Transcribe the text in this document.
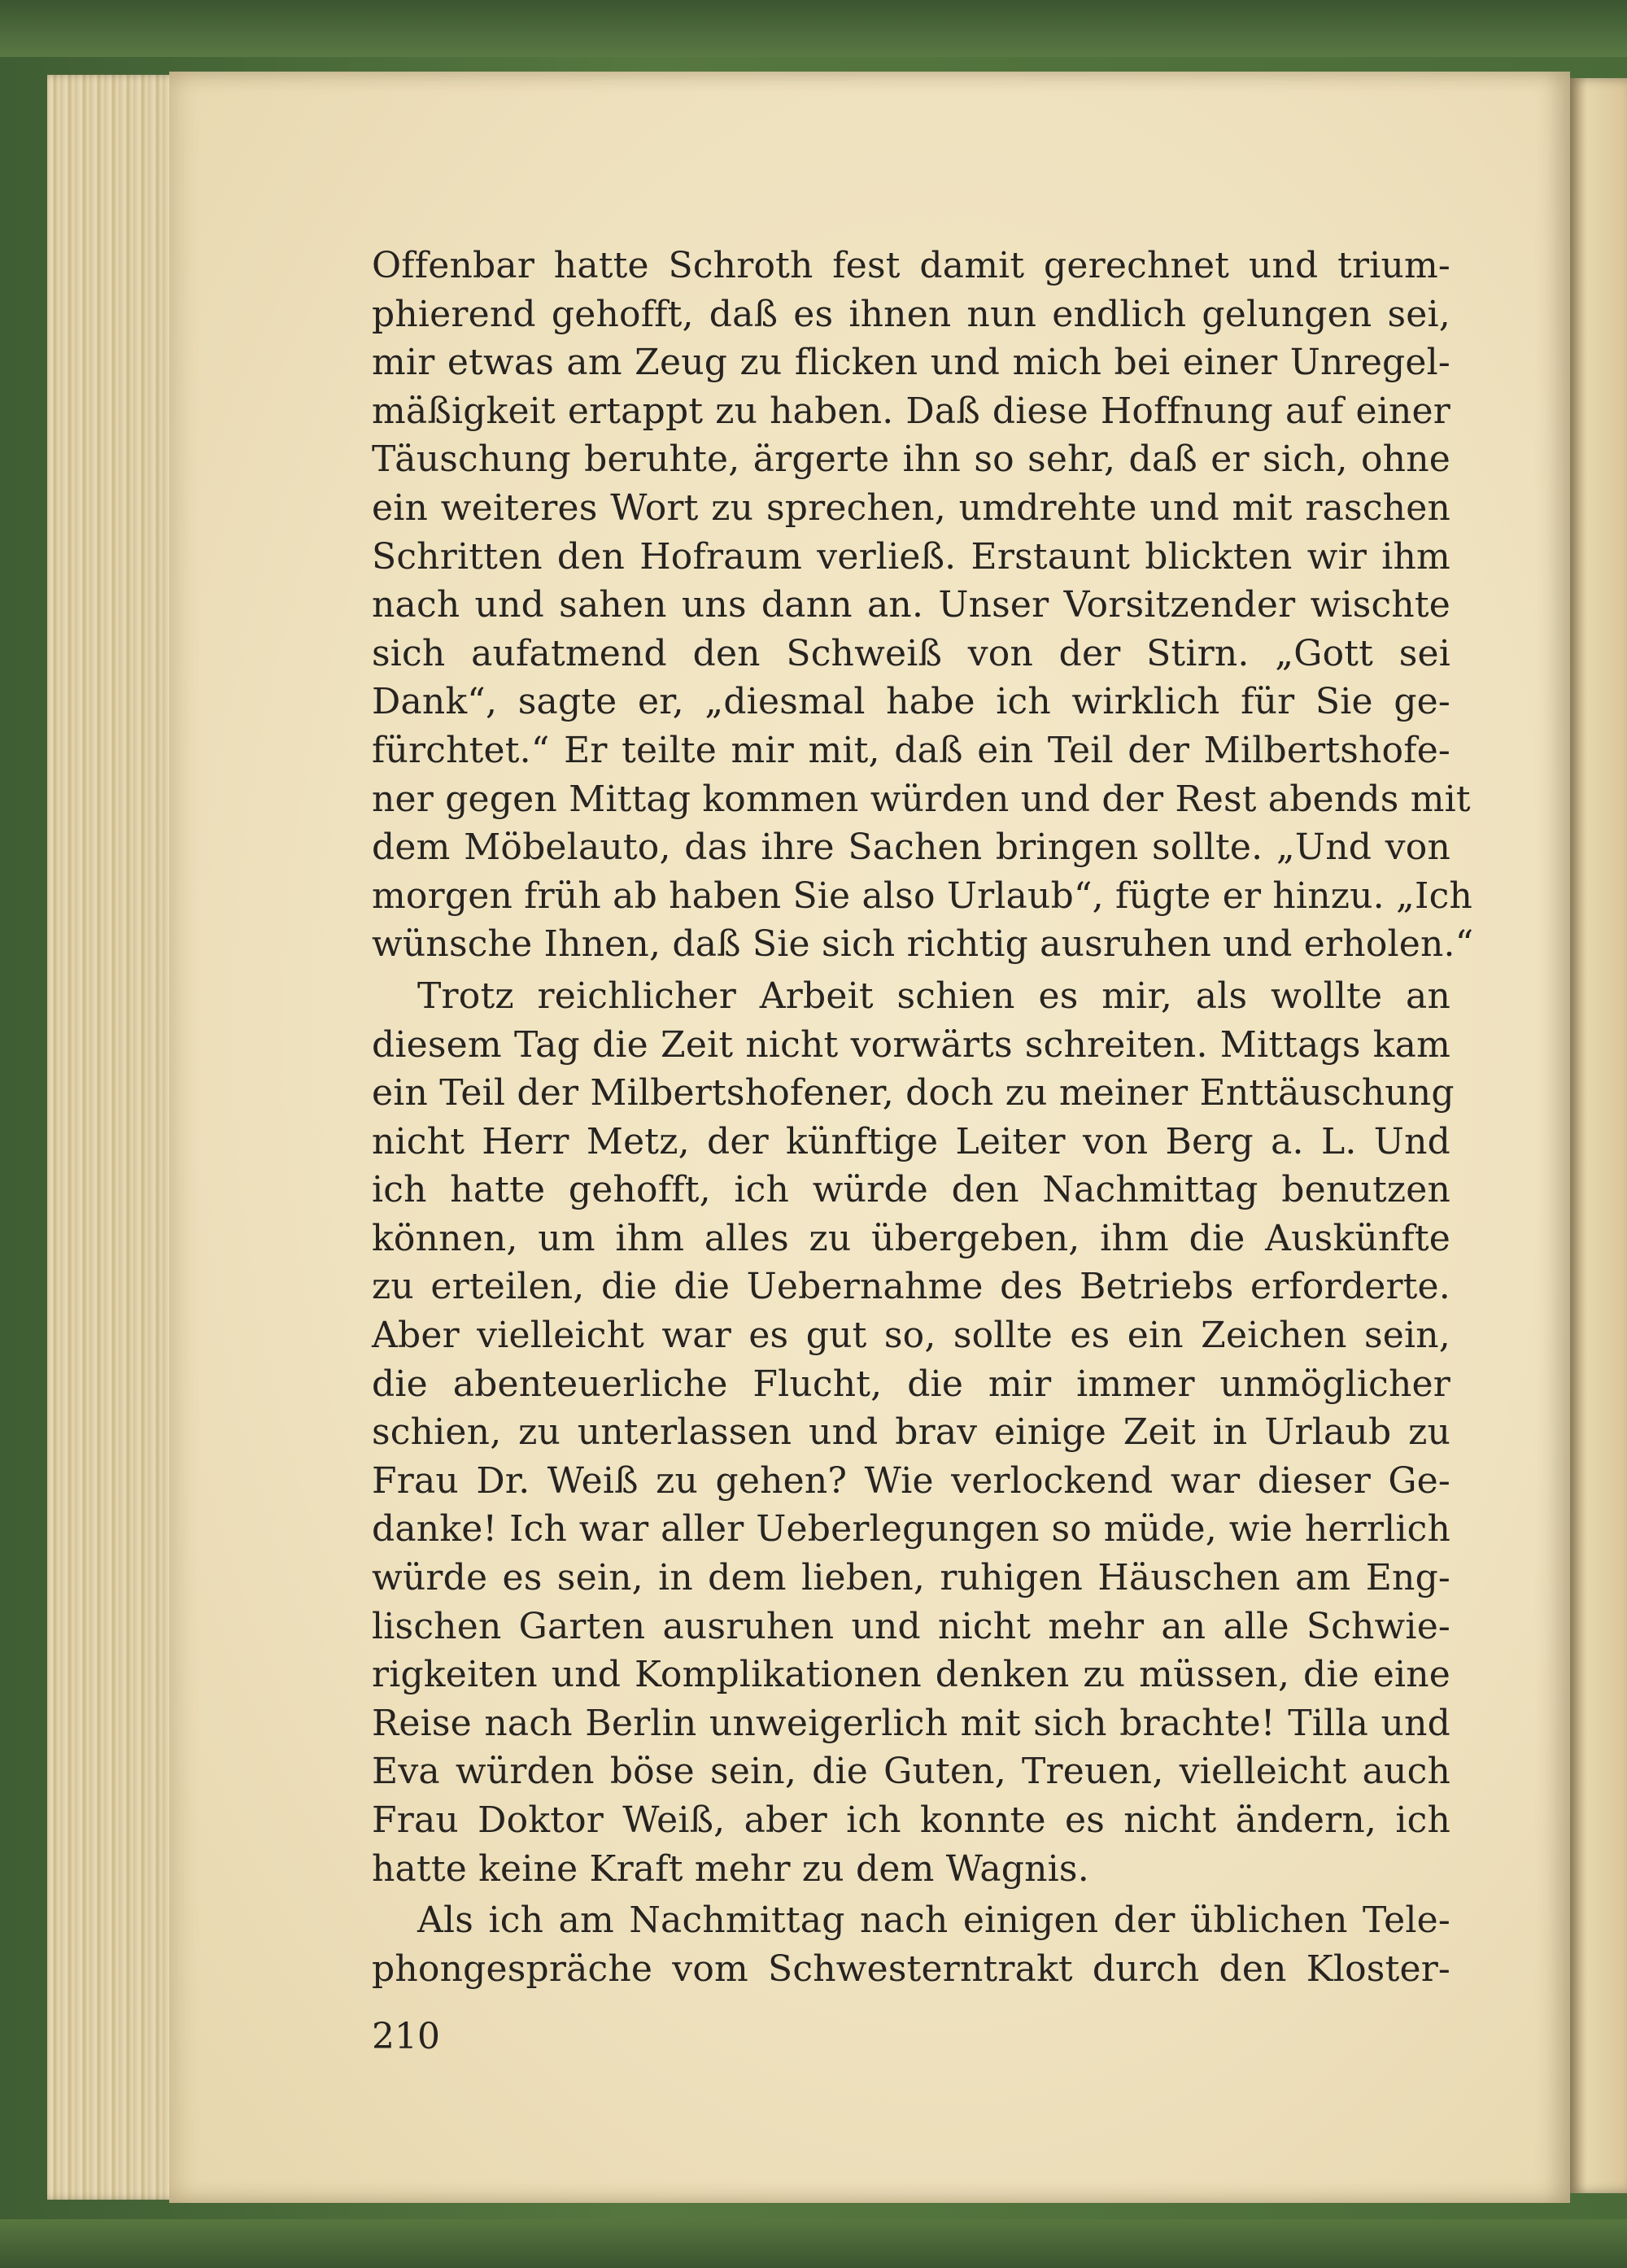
Offenbar hatte Schroth fest damit gerechnet und trium-
phierend gehofft, daß es ihnen nun endlich gelungen sei,
mir etwas am Zeug zu flicken und mich bei einer Unregel-
mäßigkeit ertappt zu haben. Daß diese Hoffnung auf einer
Täuschung beruhte, ärgerte ihn so sehr, daß er sich, ohne
ein weiteres Wort zu sprechen, umdrehte und mit raschen
Schritten den Hofraum verließ. Erstaunt blickten wir ihm
nach und sahen uns dann an. Unser Vorsitzender wischte
sich aufatmend den Schweiß von der Stirn. „Gott sei
Dank“, sagte er, „diesmal habe ich wirklich für Sie ge-
fürchtet.“ Er teilte mir mit, daß ein Teil der Milbertshofe-
ner gegen Mittag kommen würden und der Rest abends mit
dem Möbelauto, das ihre Sachen bringen sollte. „Und von
morgen früh ab haben Sie also Urlaub“, fügte er hinzu. „Ich
wünsche Ihnen, daß Sie sich richtig ausruhen und erholen.“
Trotz reichlicher Arbeit schien es mir, als wollte an
diesem Tag die Zeit nicht vorwärts schreiten. Mittags kam
ein Teil der Milbertshofener, doch zu meiner Enttäuschung
nicht Herr Metz, der künftige Leiter von Berg a. L. Und
ich hatte gehofft, ich würde den Nachmittag benutzen
können, um ihm alles zu übergeben, ihm die Auskünfte
zu erteilen, die die Uebernahme des Betriebs erforderte.
Aber vielleicht war es gut so, sollte es ein Zeichen sein,
die abenteuerliche Flucht, die mir immer unmöglicher
schien, zu unterlassen und brav einige Zeit in Urlaub zu
Frau Dr. Weiß zu gehen? Wie verlockend war dieser Ge-
danke! Ich war aller Ueberlegungen so müde, wie herrlich
würde es sein, in dem lieben, ruhigen Häuschen am Eng-
lischen Garten ausruhen und nicht mehr an alle Schwie-
rigkeiten und Komplikationen denken zu müssen, die eine
Reise nach Berlin unweigerlich mit sich brachte! Tilla und
Eva würden böse sein, die Guten, Treuen, vielleicht auch
Frau Doktor Weiß, aber ich konnte es nicht ändern, ich
hatte keine Kraft mehr zu dem Wagnis.
Als ich am Nachmittag nach einigen der üblichen Tele-
phongespräche vom Schwesterntrakt durch den Kloster-
210
